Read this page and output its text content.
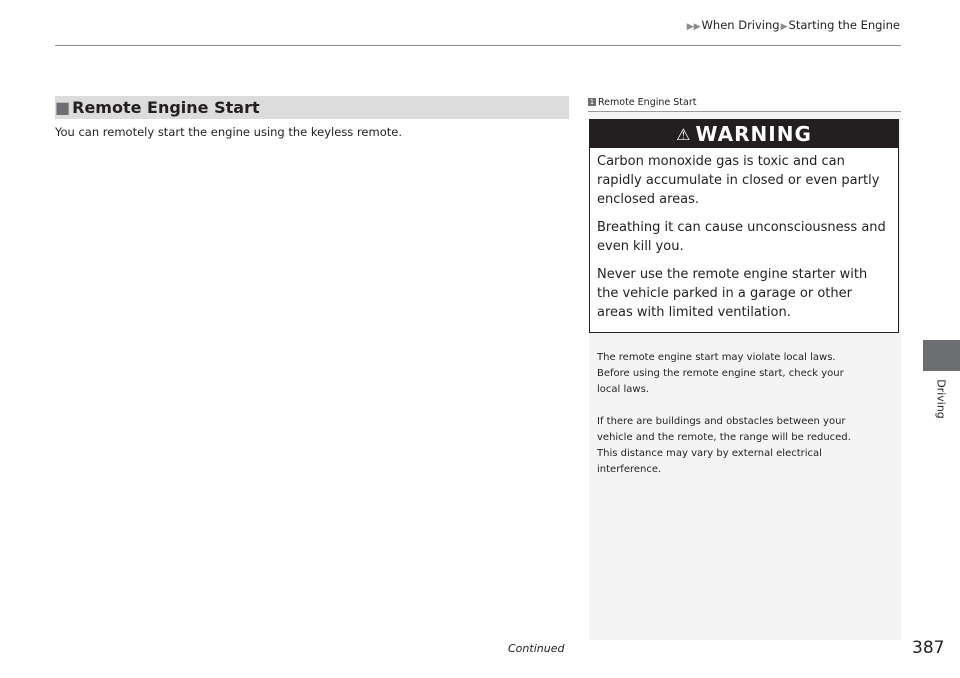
▶▶When Driving▶Starting the Engine
■ Remote Engine Start
You can remotely start the engine using the keyless remote.
1 Remote Engine Start
⚠ WARNING

Carbon monoxide gas is toxic and can
rapidly accumulate in closed or even partly
enclosed areas.

Breathing it can cause unconsciousness and
even kill you.

Never use the remote engine starter with
the vehicle parked in a garage or other
areas with limited ventilation.

The remote engine start may violate local laws.
Before using the remote engine start, check your
local laws.
If there are buildings and obstacles between your
vehicle and the remote, the range will be reduced.
This distance may vary by external electrical
interference.
Driving
Continued	387
